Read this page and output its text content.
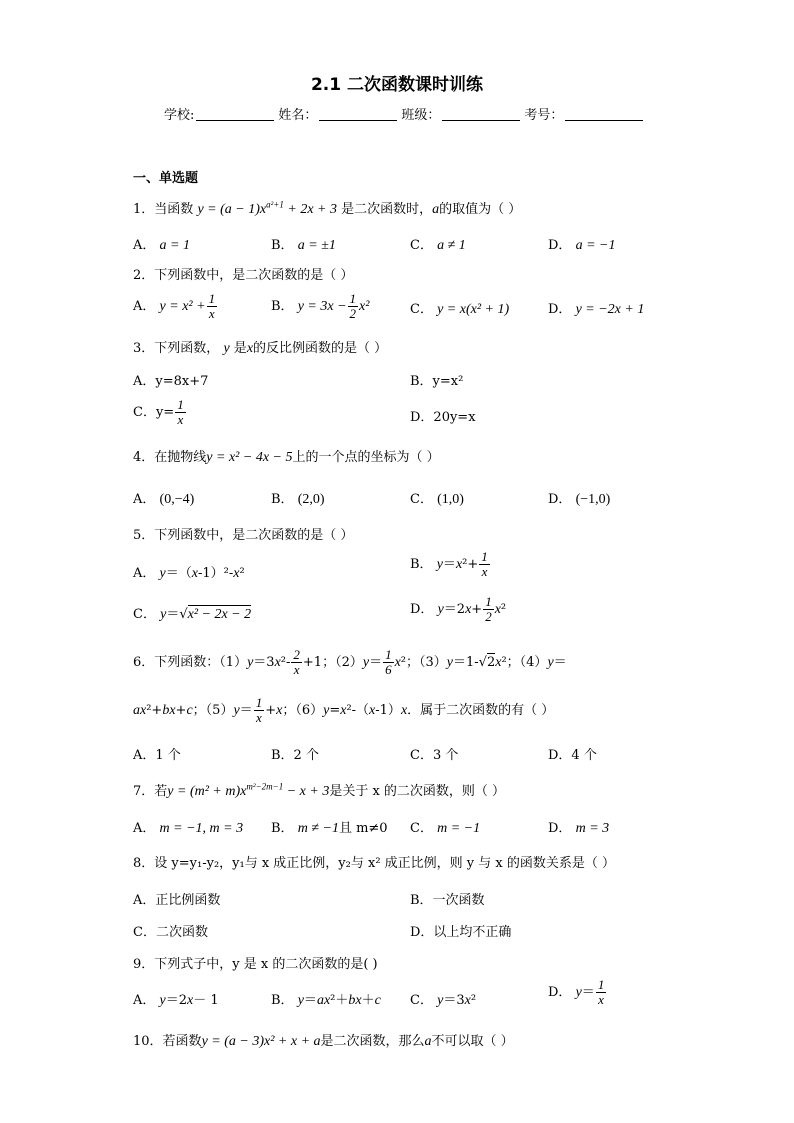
2.1 二次函数课时训练
学校:	姓名：	班级：	考号：
一、单选题
1．当函数 $y = (a - 1)x^{a^2+1} + 2x + 3$ 是二次函数时，a的取值为（ ）
A． a = 1	B． a = ±1	C． a ≠ 1	D． a = −1
2．下列函数中，是二次函数的是（ ）
A． $y = x^2 + \frac{1}{x}$	B． $y = 3x - \frac{1}{2} x^2$	C． y = x(x² + 1)	D． y = −2x + 1
3．下列函数， y 是x的反比例函数的是（ ）
A．y=8x+7	B．y=x²
C．$y= \frac{1}{x}$	D．20y=x
4．在抛物线y = x² − 4x − 5上的一个点的坐标为（ ）
A． (0,−4)	B． (2,0)	C． (1,0)	D． (−1,0)
5．下列函数中，是二次函数的是（ ）
A． y＝（x-1）²-x²
B． $y=x^2+ \frac{1}{x}$
C． y＝√x² − 2x − 2	D． $y=2x+ \frac{1}{2} x^2$
6．下列函数：$(1)y=3x^2- \frac{2}{x} +1$；$(2)y= \frac{1}{6} x^2$；（3）y＝1-√2x²；（4）y＝
ax²+bx+c；$(5)y= \frac{1}{x} +x$；（6）y=x²-（x-1）x．属于二次函数的有（ ）
A．1 个	B．2 个	C．3 个	D．4 个
7．若$y = (m^2 + m)x^{m^2-2m-1} - x + 3$是关于 x 的二次函数，则（ ）
A． m = −1, m = 3 B． m ≠ −1且 m≠0 C． m = −1	D． m = 3
8．设 y=y₁-y₂，y₁与 x 成正比例，y₂与 x² 成正比例，则 y 与 x 的函数关系是（ ）
A．正比例函数	B．一次函数
C．二次函数	D．以上均不正确
9．下列式子中，y 是 x 的二次函数的是( )
A． y＝2x－ 1	B． y＝ax²＋bx＋c C． y＝3x²
D． $y= \frac{1}{x}$
10．若函数y = (a − 3)x² + x + a是二次函数，那么a不可以取（ ）
